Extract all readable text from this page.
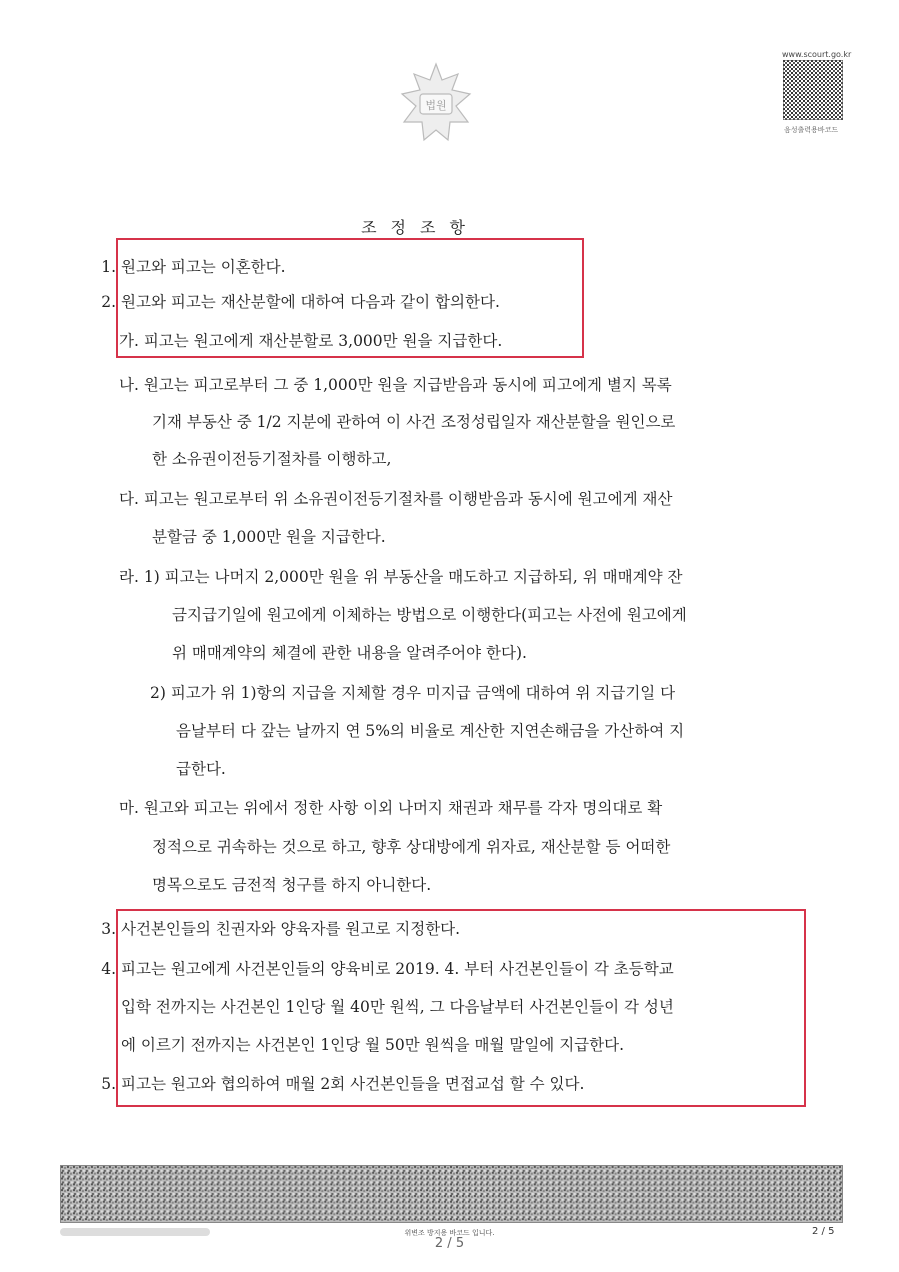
법원
www.scourt.go.kr
음성출력용바코드
조정조항
1. 원고와 피고는 이혼한다.
2. 원고와 피고는 재산분할에 대하여 다음과 같이 합의한다.
가. 피고는 원고에게 재산분할로 3,000만 원을 지급한다.
나. 원고는 피고로부터 그 중 1,000만 원을 지급받음과 동시에 피고에게 별지 목록
기재 부동산 중 1/2 지분에 관하여 이 사건 조정성립일자 재산분할을 원인으로
한 소유권이전등기절차를 이행하고,
다. 피고는 원고로부터 위 소유권이전등기절차를 이행받음과 동시에 원고에게 재산
분할금 중 1,000만 원을 지급한다.
라. 1) 피고는 나머지 2,000만 원을 위 부동산을 매도하고 지급하되, 위 매매계약 잔
금지급기일에 원고에게 이체하는 방법으로 이행한다(피고는 사전에 원고에게
위 매매계약의 체결에 관한 내용을 알려주어야 한다).
2) 피고가 위 1)항의 지급을 지체할 경우 미지급 금액에 대하여 위 지급기일 다
음날부터 다 갚는 날까지 연 5%의 비율로 계산한 지연손해금을 가산하여 지
급한다.
마. 원고와 피고는 위에서 정한 사항 이외 나머지 채권과 채무를 각자 명의대로 확
정적으로 귀속하는 것으로 하고, 향후 상대방에게 위자료, 재산분할 등 어떠한
명목으로도 금전적 청구를 하지 아니한다.
3. 사건본인들의 친권자와 양육자를 원고로 지정한다.
4. 피고는 원고에게 사건본인들의 양육비로 2019. 4. 부터 사건본인들이 각 초등학교
입학 전까지는 사건본인 1인당 월 40만 원씩, 그 다음날부터 사건본인들이 각 성년
에 이르기 전까지는 사건본인 1인당 월 50만 원씩을 매월 말일에 지급한다.
5. 피고는 원고와 협의하여 매월 2회 사건본인들을 면접교섭 할 수 있다.
위변조 방지용 바코드 입니다.	2 / 5
2 / 5
